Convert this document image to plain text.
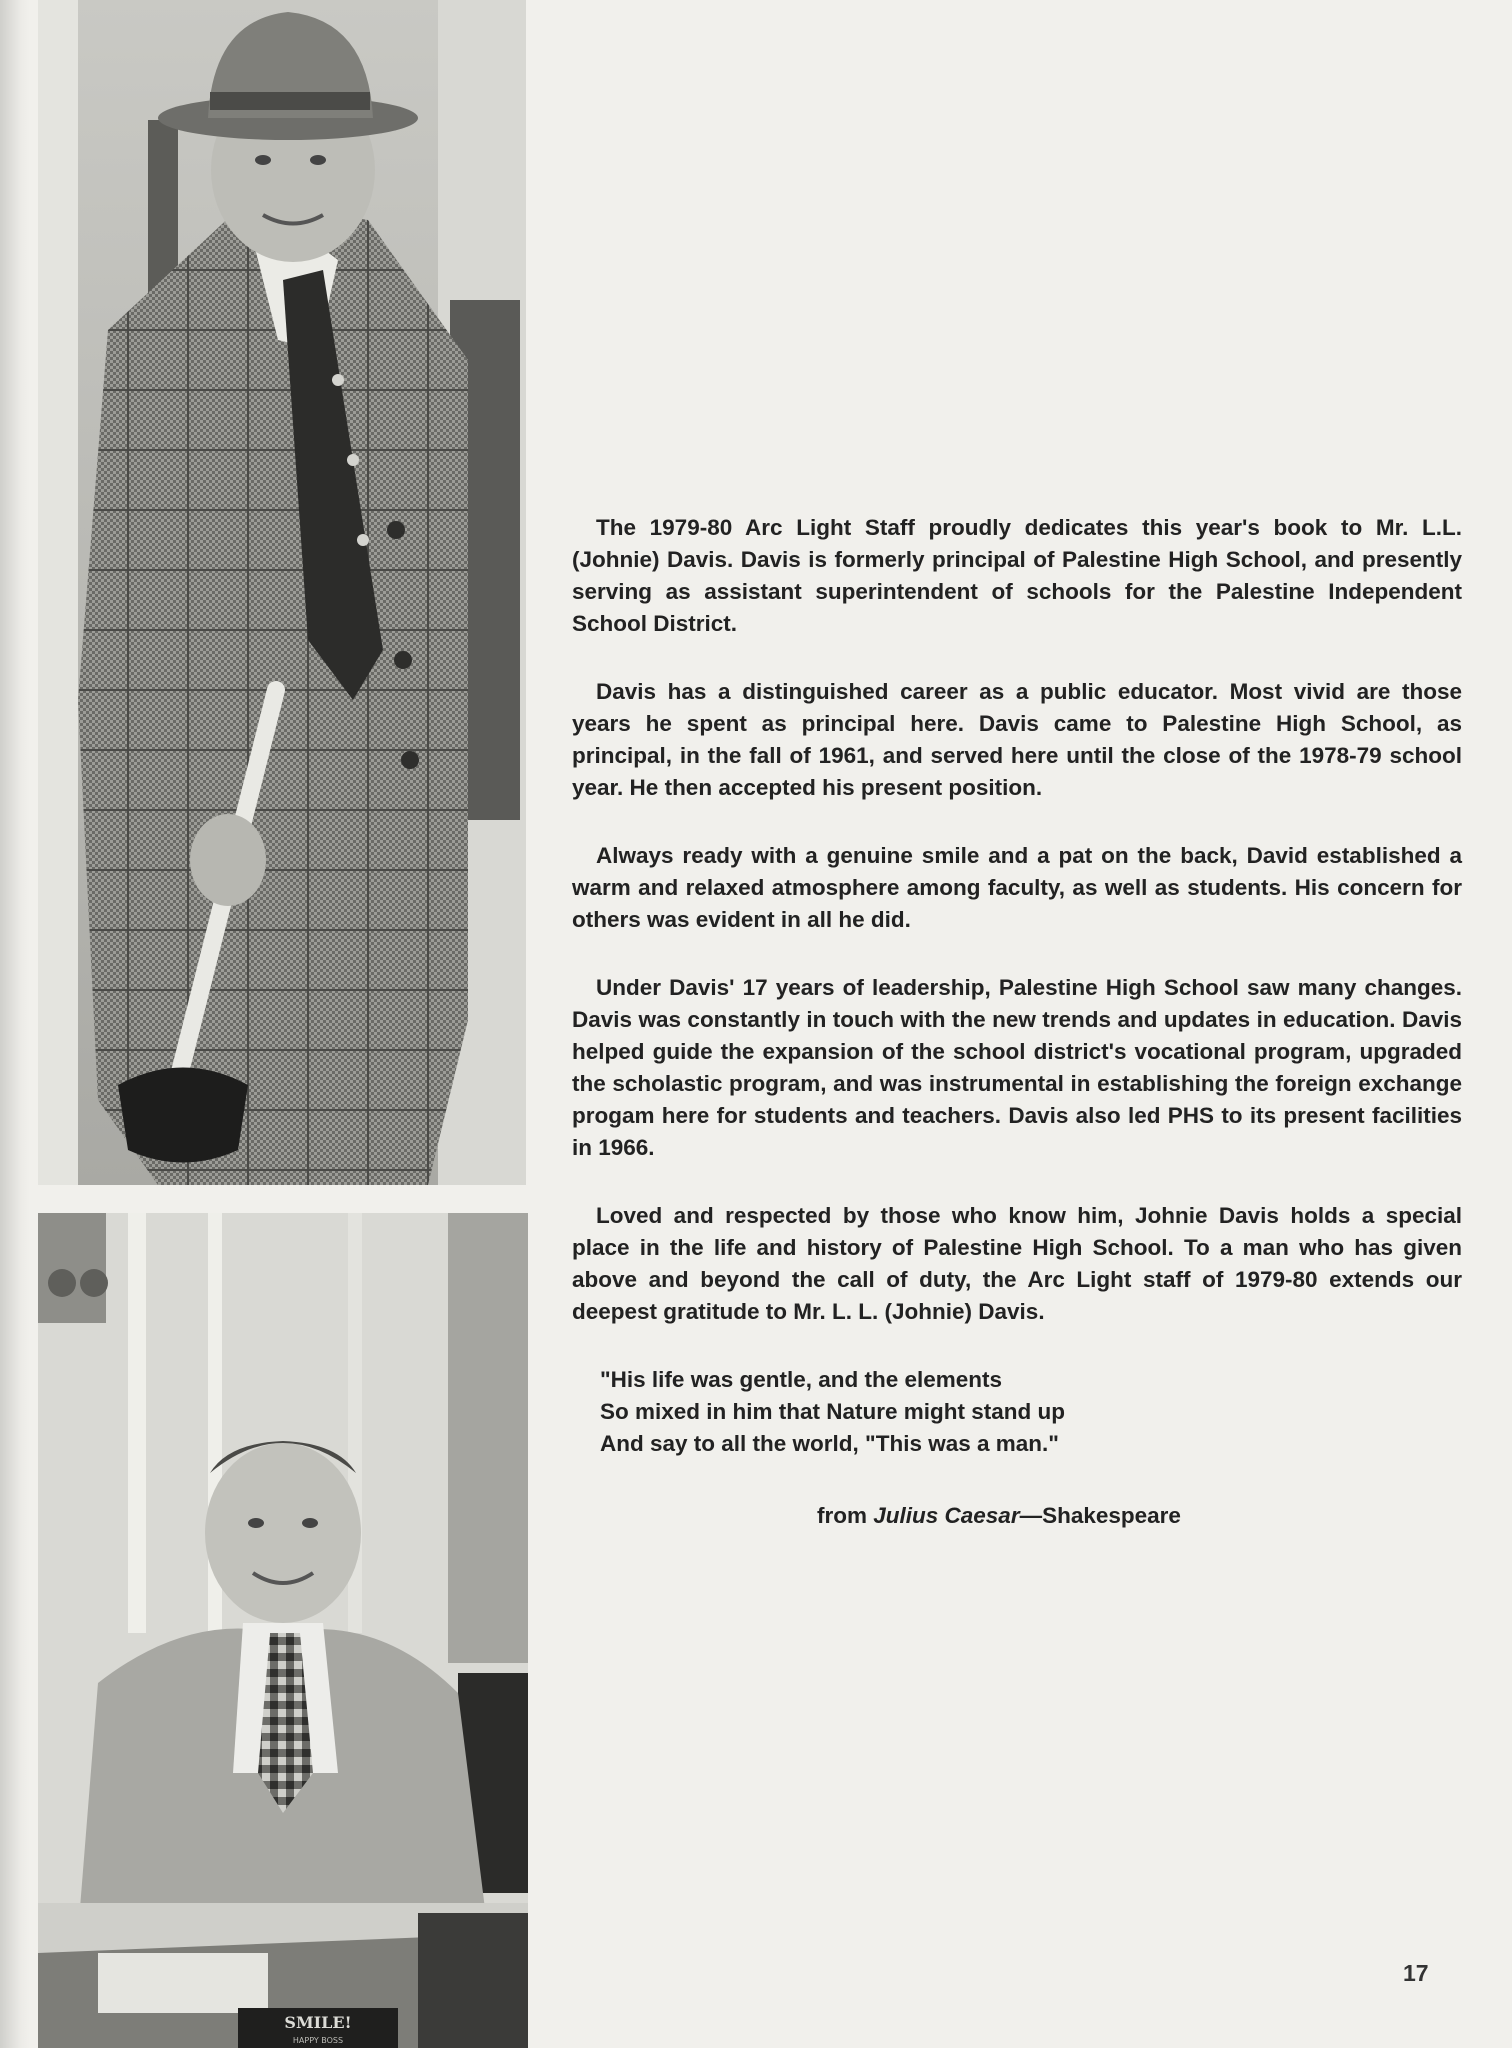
SMILE!
HAPPY BOSS

The 1979-80 Arc Light Staff proudly dedicates this year's book to Mr. L.L. (Johnie) Davis. Davis is formerly principal of Palestine High School, and presently serving as assistant superintendent of schools for the Palestine Independent School District.

Davis has a distinguished career as a public educator. Most vivid are those years he spent as principal here. Davis came to Palestine High School, as principal, in the fall of 1961, and served here until the close of the 1978-79 school year. He then accepted his present position.

Always ready with a genuine smile and a pat on the back, David established a warm and relaxed atmosphere among faculty, as well as students. His concern for others was evident in all he did.

Under Davis' 17 years of leadership, Palestine High School saw many changes. Davis was constantly in touch with the new trends and updates in education. Davis helped guide the expansion of the school district's vocational program, upgraded the scholastic program, and was instrumental in establishing the foreign exchange progam here for students and teachers. Davis also led PHS to its present facilities in 1966.

Loved and respected by those who know him, Johnie Davis holds a special place in the life and history of Palestine High School. To a man who has given above and beyond the call of duty, the Arc Light staff of 1979-80 extends our deepest gratitude to Mr. L. L. (Johnie) Davis.

"His life was gentle, and the elements
So mixed in him that Nature might stand up
And say to all the world, "This was a man."
from Julius Caesar—Shakespeare
17
